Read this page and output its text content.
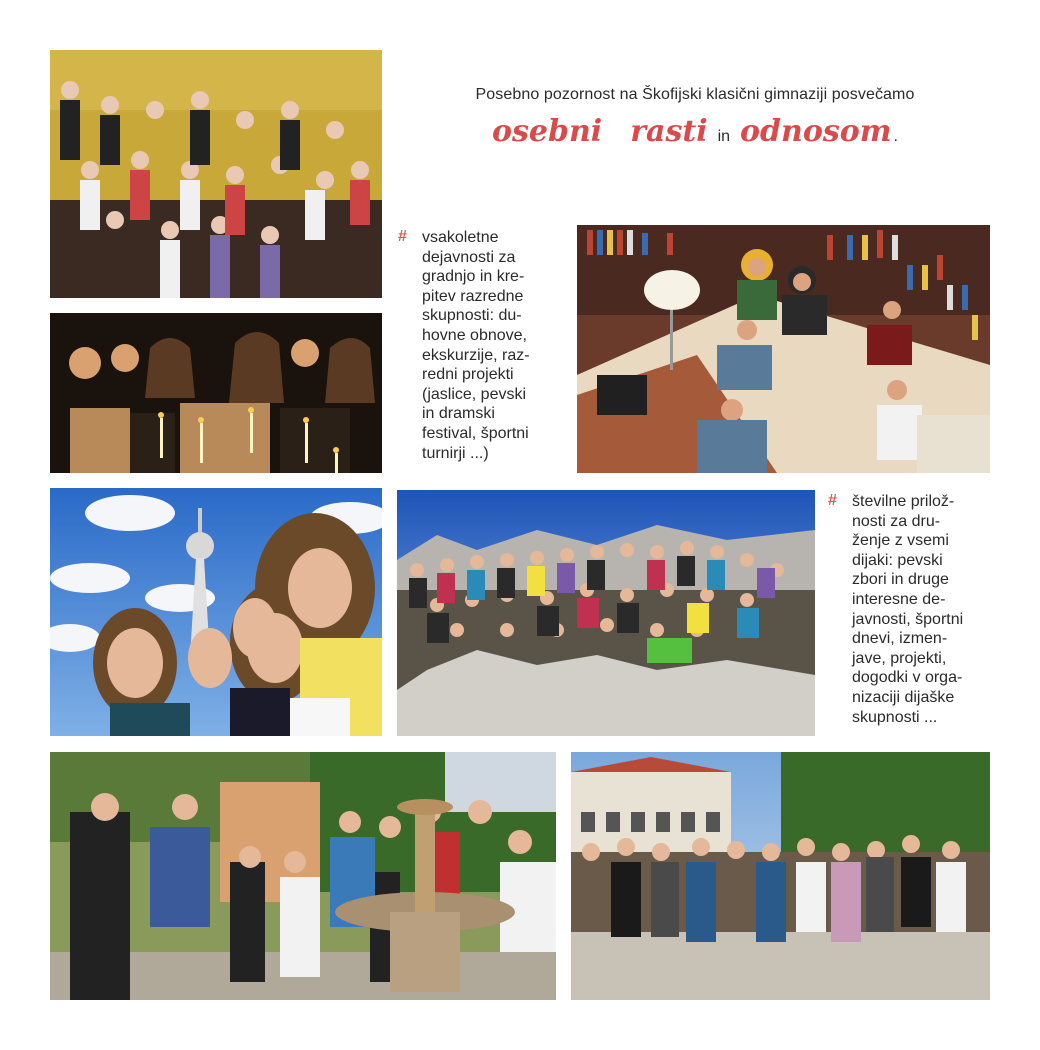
Posebno pozornost na Škofijski klasični gimnaziji posvečamo
osebni rasti in odnosom .
# vsakoletne
dejavnosti za
gradnjo in kre-
pitev razredne
skupnosti: du-
hovne obnove,
ekskurzije, raz-
redni projekti
(jaslice, pevski
in dramski
festival, športni
turnirji ...)
# številne prilož-
nosti za dru-
ženje z vsemi
dijaki: pevski
zbori in druge
interesne de-
javnosti, športni
dnevi, izmen-
jave, projekti,
dogodki v orga-
nizaciji dijaške
skupnosti ...
